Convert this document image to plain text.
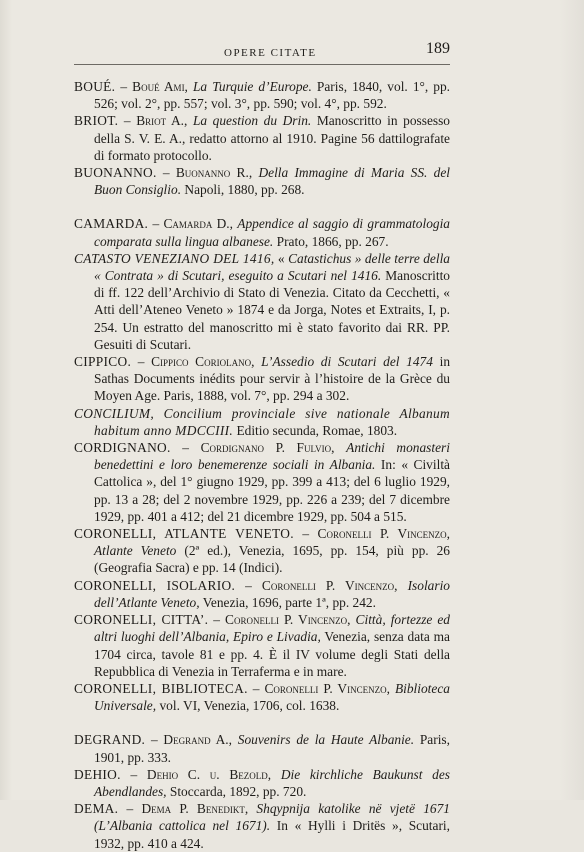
OPERE CITATE	189

BOUÉ. – Boué Ami, La Turquie d’Europe. Paris, 1840, vol. 1°, pp. 526; vol. 2°, pp. 557; vol. 3°, pp. 590; vol. 4°, pp. 592.

BRIOT. – Briot A., La question du Drin. Manoscritto in possesso della S. V. E. A., redatto attorno al 1910. Pagine 56 dattilografate di formato protocollo.

BUONANNO. – Buonanno R., Della Immagine di Maria SS. del Buon Consiglio. Napoli, 1880, pp. 268.

CAMARDA. – Camarda D., Appendice al saggio di grammatologia comparata sulla lingua albanese. Prato, 1866, pp. 267.

CATASTO VENEZIANO DEL 1416, « Catastichus » delle terre della « Contrata » di Scutari, eseguito a Scutari nel 1416. Manoscritto di ff. 122 dell’Archivio di Stato di Venezia. Citato da Cecchetti, « Atti dell’Ateneo Veneto » 1874 e da Jorga, Notes et Extraits, I, p. 254. Un estratto del manoscritto mi è stato favorito dai RR. PP. Gesuiti di Scutari.

CIPPICO. – Cippico Coriolano, L’Assedio di Scutari del 1474 in Sathas Documents inédits pour servir à l’histoire de la Grèce du Moyen Age. Paris, 1888, vol. 7°, pp. 294 a 302.

CONCILIUM, Concilium provinciale sive nationale Albanum habitum anno MDCCIII. Editio secunda, Romae, 1803.

CORDIGNANO. – Cordignano P. Fulvio, Antichi monasteri benedettini e loro benemerenze sociali in Albania. In: « Civiltà Cattolica », del 1° giugno 1929, pp. 399 a 413; del 6 luglio 1929, pp. 13 a 28; del 2 novembre 1929, pp. 226 a 239; del 7 dicembre 1929, pp. 401 a 412; del 21 dicembre 1929, pp. 504 a 515.

CORONELLI, ATLANTE VENETO. – Coronelli P. Vincenzo, Atlante Veneto (2ª ed.), Venezia, 1695, pp. 154, più pp. 26 (Geografia Sacra) e pp. 14 (Indici).

CORONELLI, ISOLARIO. – Coronelli P. Vincenzo, Isolario dell’Atlante Veneto, Venezia, 1696, parte 1ª, pp. 242.

CORONELLI, CITTA’. – Coronelli P. Vincenzo, Città, fortezze ed altri luoghi dell’Albania, Epiro e Livadia, Venezia, senza data ma 1704 circa, tavole 81 e pp. 4. È il IV volume degli Stati della Repubblica di Venezia in Terraferma e in mare.

CORONELLI, BIBLIOTECA. – Coronelli P. Vincenzo, Biblioteca Universale, vol. VI, Venezia, 1706, col. 1638.

DEGRAND. – Degrand A., Souvenirs de la Haute Albanie. Paris, 1901, pp. 333.

DEHIO. – Dehio C. u. Bezold, Die kirchliche Baukunst des Abendlandes, Stoccarda, 1892, pp. 720.

DEMA. – Dema P. Benedikt, Shqypnija katolike në vjetë 1671 (L’Albania cattolica nel 1671). In « Hylli i Dritës », Scutari, 1932, pp. 410 a 424.
